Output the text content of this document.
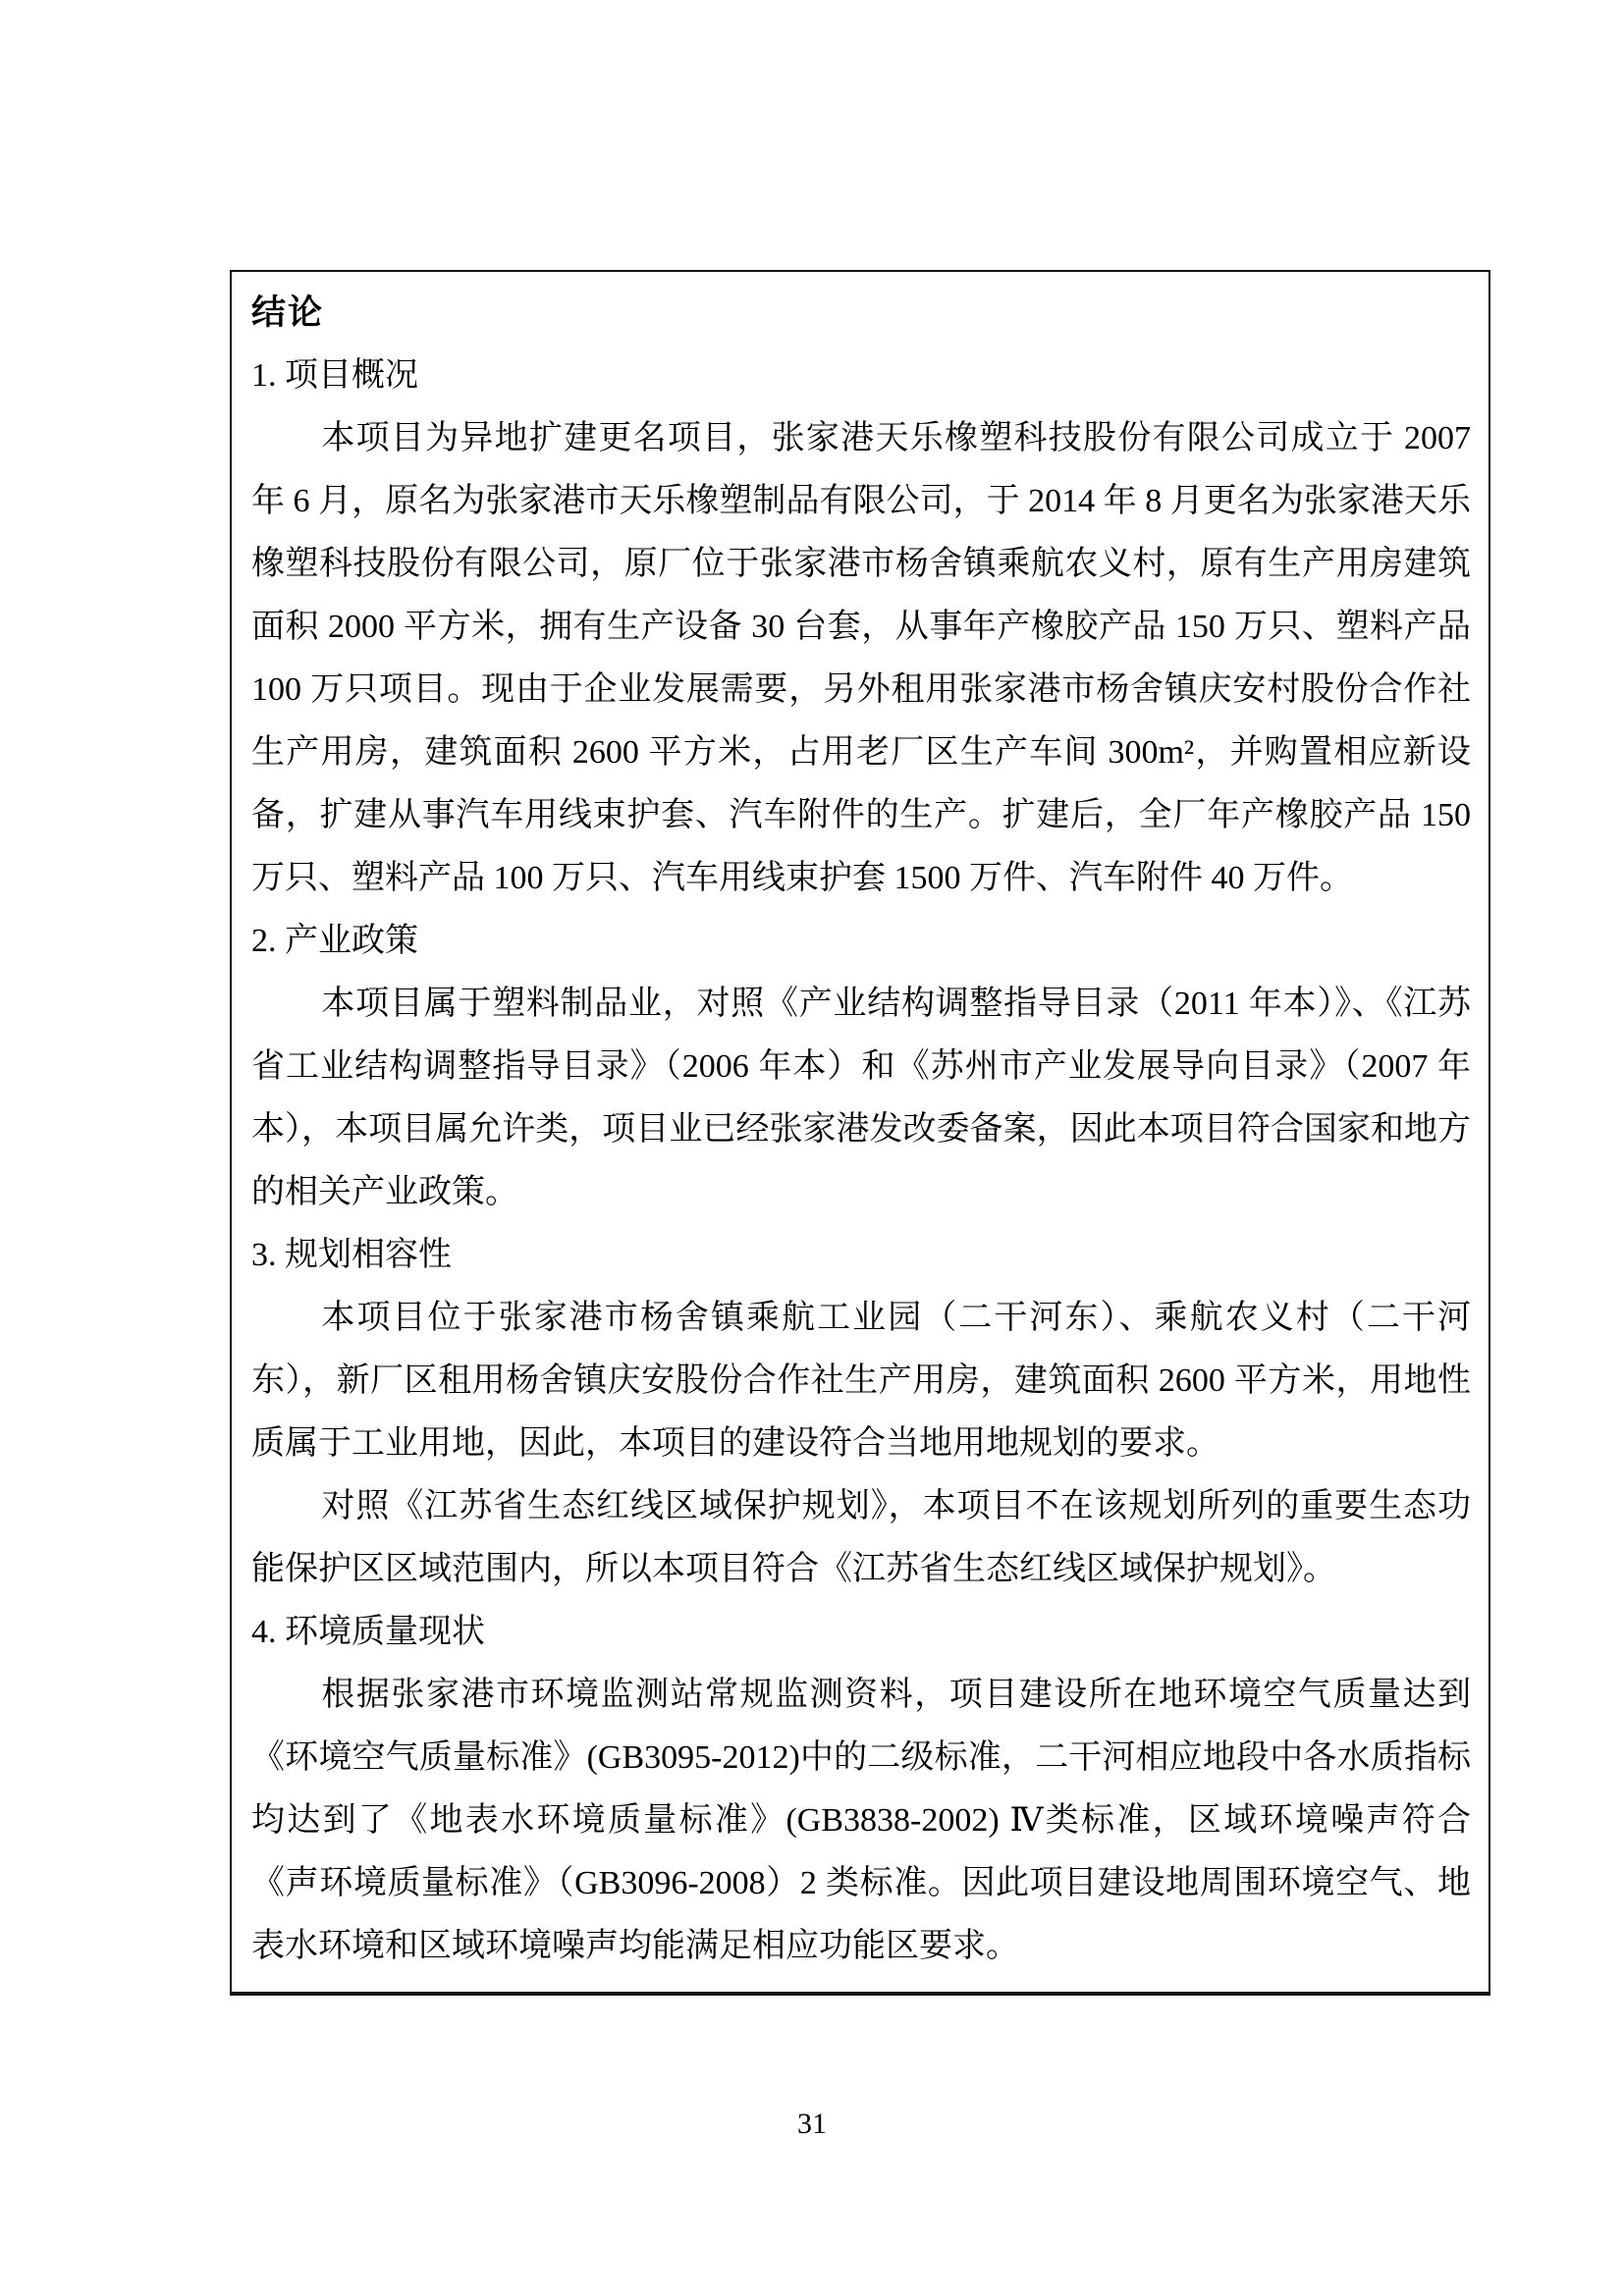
结论
1. 项目概况

本项目为异地扩建更名项目，张家港天乐橡塑科技股份有限公司成立于 2007 年 6 月，原名为张家港市天乐橡塑制品有限公司，于 2014 年 8 月更名为张家港天乐橡塑科技股份有限公司，原厂位于张家港市杨舍镇乘航农义村，原有生产用房建筑面积 2000 平方米，拥有生产设备 30 台套，从事年产橡胶产品 150 万只、塑料产品 100 万只项目。现由于企业发展需要，另外租用张家港市杨舍镇庆安村股份合作社生产用房，建筑面积 2600 平方米，占用老厂区生产车间 300m²，并购置相应新设备，扩建从事汽车用线束护套、汽车附件的生产。扩建后，全厂年产橡胶产品 150 万只、塑料产品 100 万只、汽车用线束护套 1500 万件、汽车附件 40 万件。

2. 产业政策

本项目属于塑料制品业，对照《产业结构调整指导目录（2011 年本）》、《江苏省工业结构调整指导目录》（2006 年本）和《苏州市产业发展导向目录》（2007 年本），本项目属允许类，项目业已经张家港发改委备案，因此本项目符合国家和地方的相关产业政策。

3. 规划相容性

本项目位于张家港市杨舍镇乘航工业园（二干河东）、乘航农义村（二干河东），新厂区租用杨舍镇庆安股份合作社生产用房，建筑面积 2600 平方米，用地性质属于工业用地，因此，本项目的建设符合当地用地规划的要求。

对照《江苏省生态红线区域保护规划》，本项目不在该规划所列的重要生态功能保护区区域范围内，所以本项目符合《江苏省生态红线区域保护规划》。

4. 环境质量现状

根据张家港市环境监测站常规监测资料，项目建设所在地环境空气质量达到《环境空气质量标准》(GB3095-2012)中的二级标准，二干河相应地段中各水质指标均达到了《地表水环境质量标准》(GB3838-2002) Ⅳ类标准，区域环境噪声符合《声环境质量标准》（GB3096-2008）2 类标准。因此项目建设地周围环境空气、地表水环境和区域环境噪声均能满足相应功能区要求。

31
